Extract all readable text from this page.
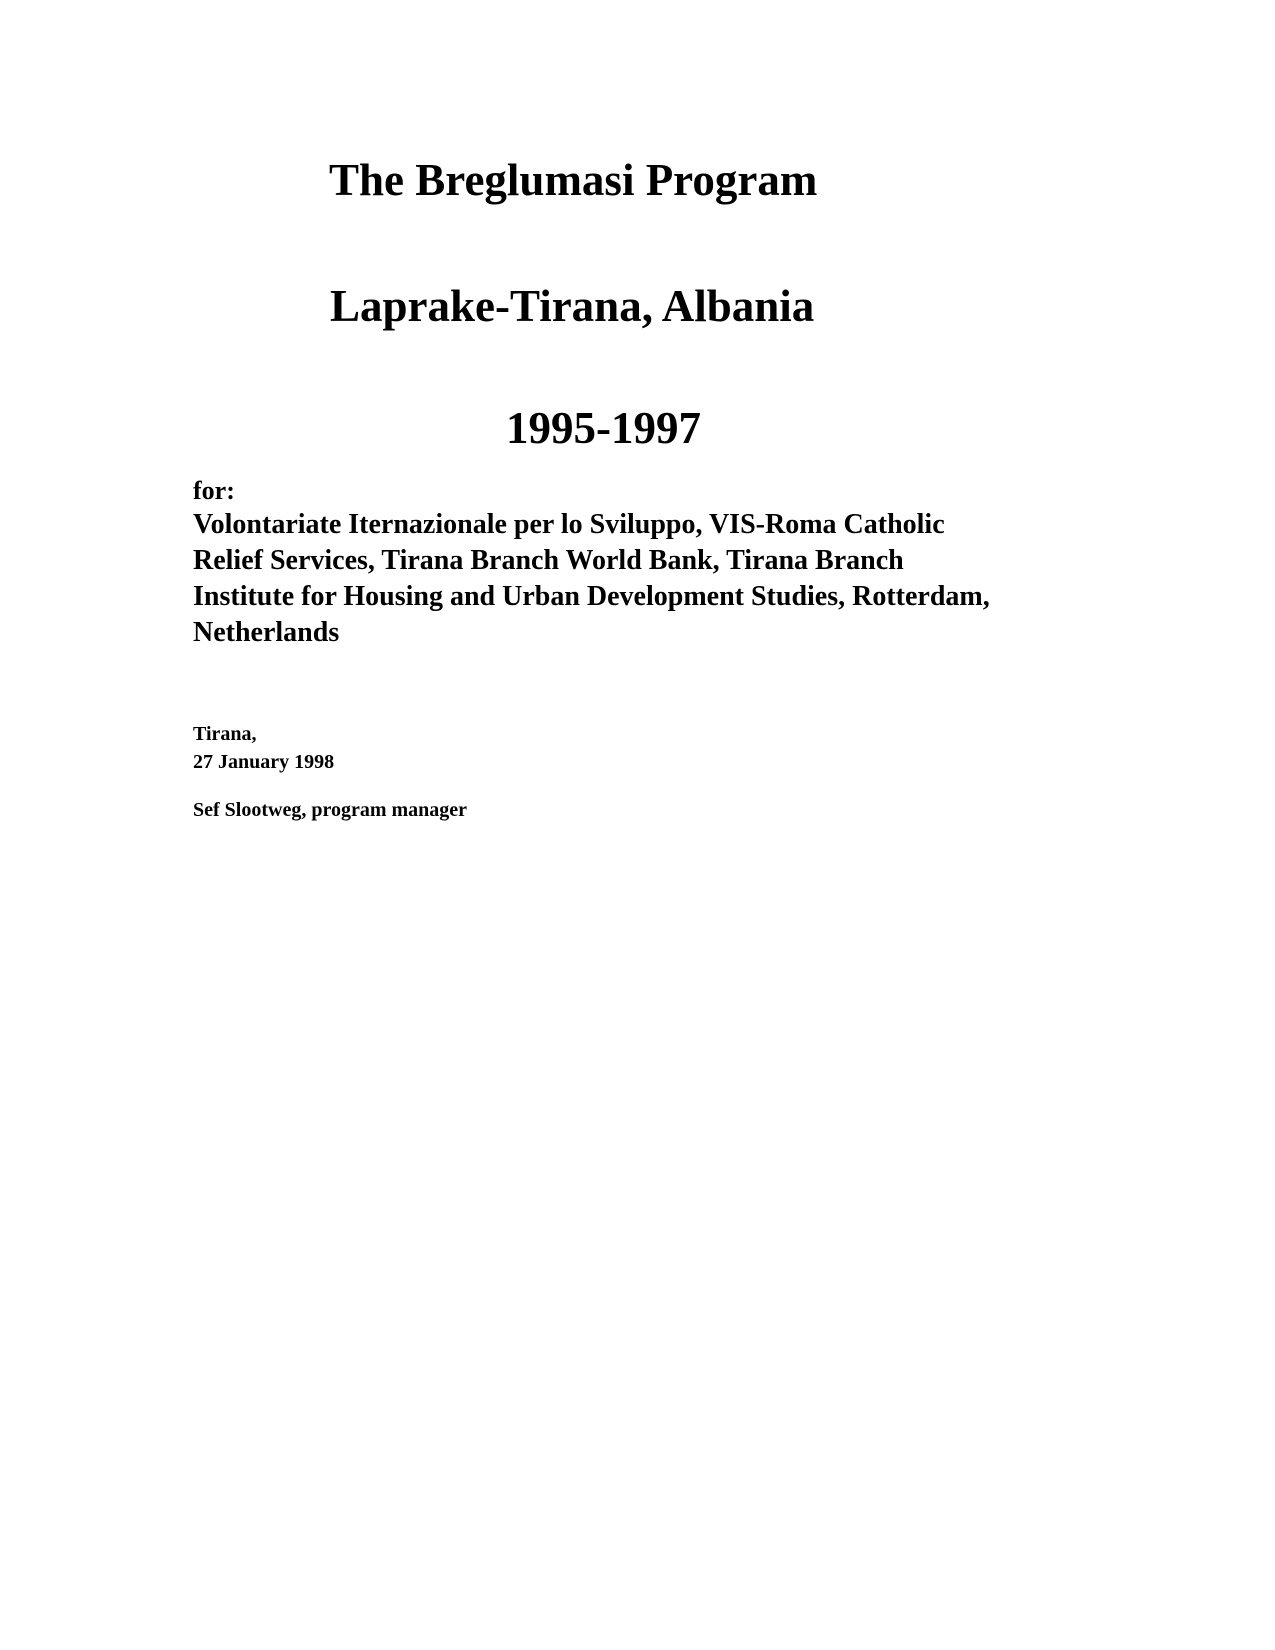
The Breglumasi Program
Laprake-Tirana, Albania
1995-1997
for:
Volontariate Iternazionale per lo Sviluppo, VIS-Roma Catholic
Relief Services, Tirana Branch World Bank, Tirana Branch
Institute for Housing and Urban Development Studies, Rotterdam,
Netherlands
Tirana,
27 January 1998
Sef Slootweg, program manager
